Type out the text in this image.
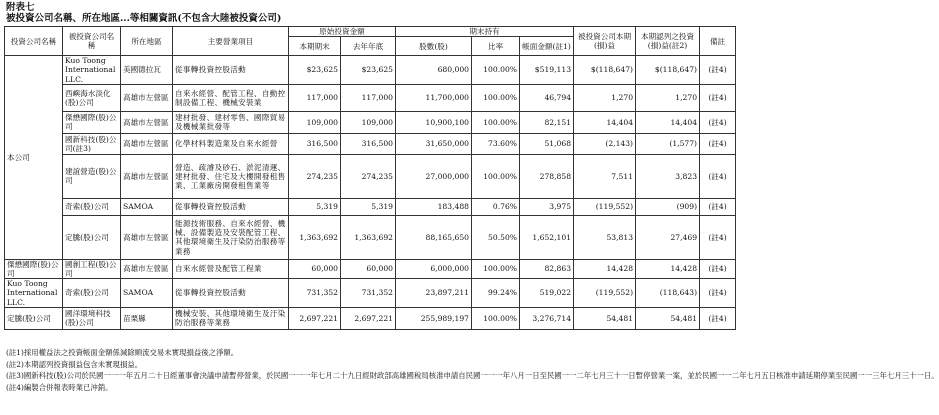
附表七
被投資公司名稱、所在地區...等相關資訊(不包含大陸被投資公司)
投資公司名稱	被投資公司名稱	所在地區	主要營業項目	原始投資金額		期末持有			被投資公司本期(損)益	本期認列之投資(損)益(註2)	備註
				本期期末	去年年底	股數(股)	比率	帳面金額(註1)			
本公司	Kuo Toong International LLC.	美國德拉瓦	從事轉投資控股活動	$23,625	$23,625	680,000	100.00%	$519,113	$(118,647)	$(118,647)	(註4)
	西嶼海水淡化(股)公司	高雄市左營區	自來水經營、配管工程、自動控制設備工程、機械安裝業	117,000	117,000	11,700,000	100.00%	46,794	1,270	1,270	(註4)
	傑懋國際(股)公司	高雄市左營區	建材批發、建材零售、國際貿易及機械業批發等	109,000	109,000	10,900,100	100.00%	82,151	14,404	14,404	(註4)
	國新科技(股)公司(註3)	高雄市左營區	化學材料製造業及自來水經營	316,500	316,500	31,650,000	73.60%	51,068	(2,143)	(1,577)	(註4)
	建誼營造(股)公司	高雄市左營區	營造、疏濬及砂石、淤泥清運、建材批發、住宅及大樓開發租售業、工業廠房開發租售業等	274,235	274,235	27,000,000	100.00%	278,858	7,511	3,823	(註4)
	奇索(股)公司	SAMOA	從事轉投資控股活動	5,319	5,319	183,488	0.76%	3,975	(119,552)	(909)	(註4)
	定騰(股)公司	高雄市左營區	能源技術服務、自來水經營、機械、設備製造及安裝配管工程、其他環境衛生及汙染防治服務等業務	1,363,692	1,363,692	88,165,650	50.50%	1,652,101	53,813	27,469	(註4)
傑懋國際(股)公司	國創工程(股)公司	高雄市左營區	自來水經營及配管工程業	60,000	60,000	6,000,000	100.00%	82,863	14,428	14,428	(註4)
Kuo Toong International LLC.	奇索(股)公司	SAMOA	從事轉投資控股活動	731,352	731,352	23,897,211	99.24%	519,022	(119,552)	(118,643)	(註4)
定騰(股)公司	國洋環境科技(股)公司	苗栗縣	機械安裝、其他環境衛生及汙染防治服務等業務	2,697,221	2,697,221	255,989,197	100.00%	3,276,714	54,481	54,481	(註4)
(註1)採用權益法之投資帳面金額係減除順流交易未實現損益後之淨額。
(註2)本期認列投資損益包含未實現損益。
(註3)國新科技(股)公司於民國一一一年五月二十日經董事會決議申請暫停營業，於民國一一一年七月二十九日經財政部高雄國稅局核准申請自民國一一一年八月一日至民國一一二年七月三十一日暫停營業一案，並於民國一一二年七月五日核准申請延期停業至民國一一三年七月三十一日。
(註4)編製合併報表時業已沖銷。
